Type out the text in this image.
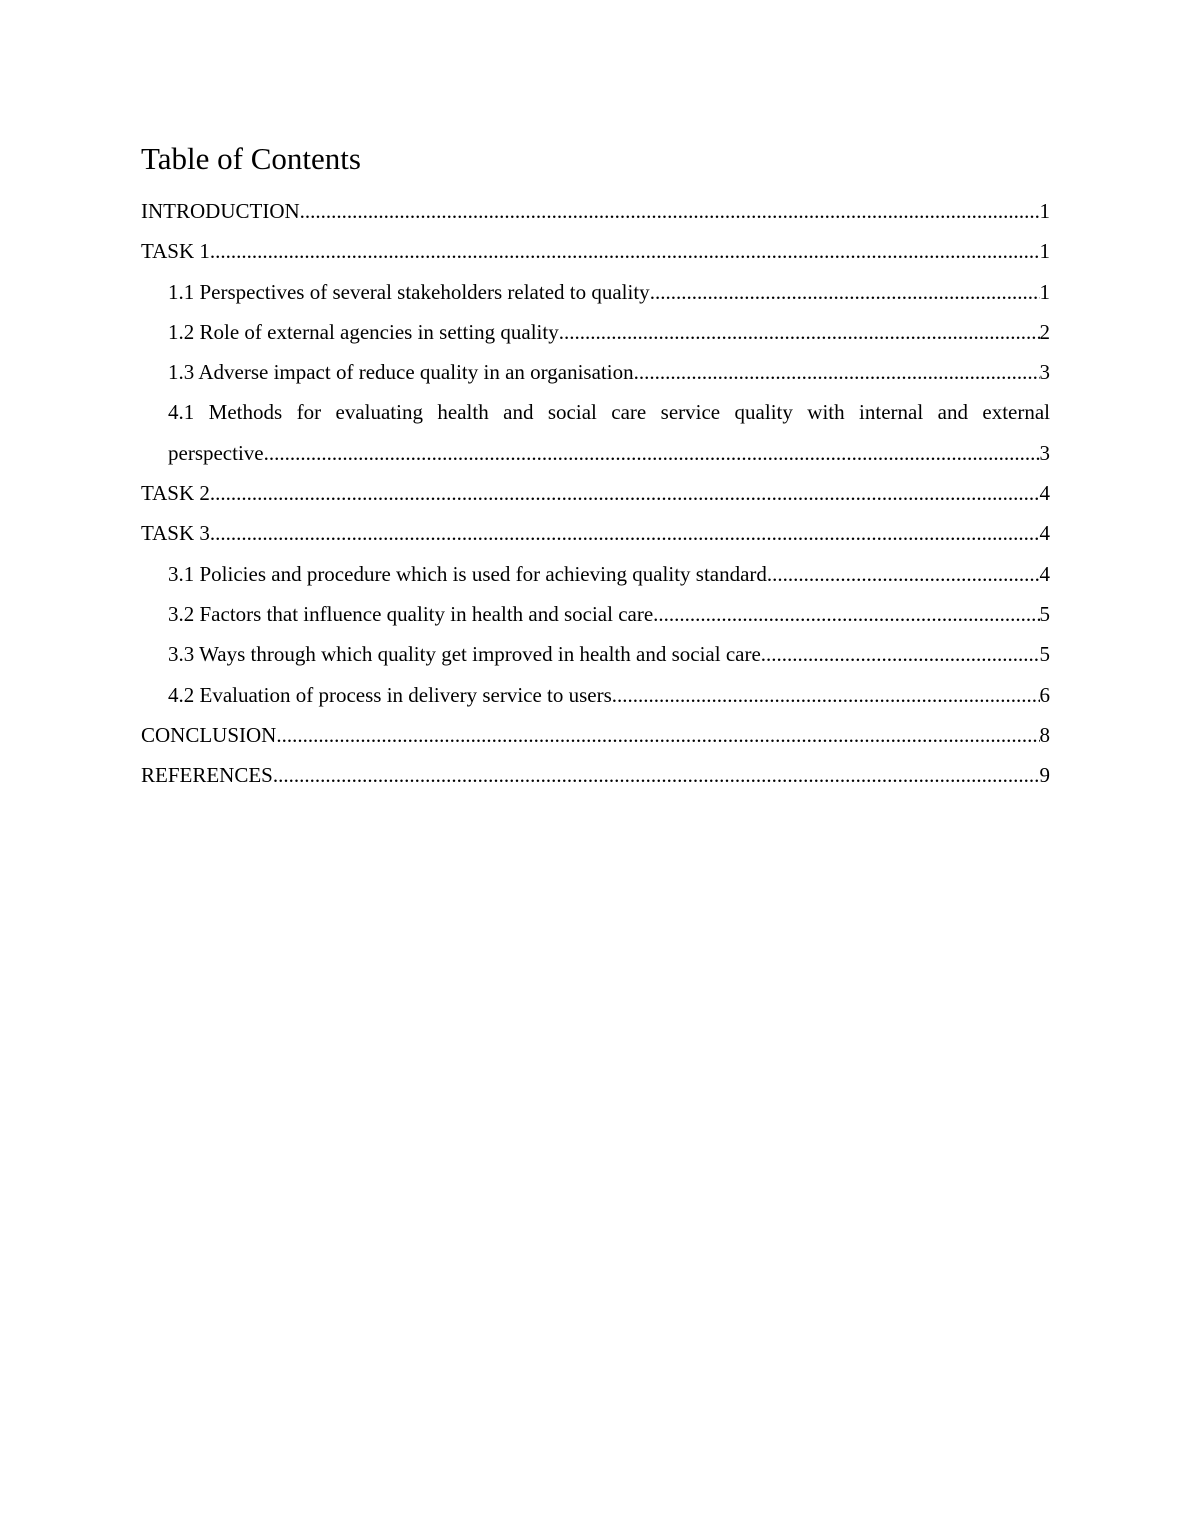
Table of Contents
INTRODUCTION .....	1
TASK 1 .....	1
1.1 Perspectives of several stakeholders related to quality .....	1
1.2 Role of external agencies in setting quality .....	2
1.3 Adverse impact of reduce quality in an organisation .....	3
4.1 Methods for evaluating health and social care service quality with internal and external
perspective .....	3
TASK 2 .....	4
TASK 3 .....	4
3.1 Policies and procedure which is used for achieving quality standard .....	4
3.2 Factors that influence quality in health and social care .....	5
3.3 Ways through which quality get improved in health and social care .....	5
4.2 Evaluation of process in delivery service to users .....	6
CONCLUSION .....	8
REFERENCES .....	9
